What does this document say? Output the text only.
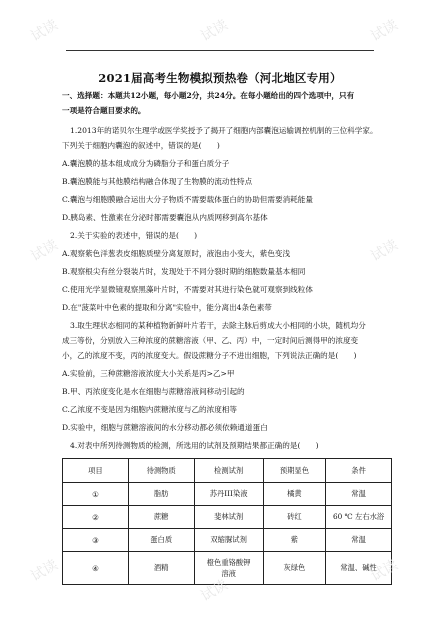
2021届高考生物模拟预热卷（河北地区专用）
一、选择题：本题共12小题，每小题2分，共24分。在每小题给出的四个选项中，只有
一项是符合题目要求的。
1.2013年的诺贝尔生理学或医学奖授予了揭开了细胞内部囊泡运输调控机制的三位科学家。
下列关于细胞内囊泡的叙述中，错误的是(　　)
A.囊泡膜的基本组成成分为磷脂分子和蛋白质分子
B.囊泡膜能与其他膜结构融合体现了生物膜的流动性特点
C.囊泡与细胞膜融合运出大分子物质不需要载体蛋白的协助但需要消耗能量
D.胰岛素、性激素在分泌时都需要囊泡从内质网移到高尔基体
2.关于实验的表述中，错误的是(　　)
A.观察紫色洋葱表皮细胞质壁分离复原时，液泡由小变大，紫色变浅
B.观察根尖有丝分裂装片时，发现处于不同分裂时期的细胞数量基本相同
C.使用光学显微镜观察黑藻叶片时，不需要对其进行染色就可观察到线粒体
D.在"菠菜叶中色素的提取和分离"实验中，能分离出4条色素带
3.取生理状态相同的某种植物新鲜叶片若干，去除主脉后剪成大小相同的小块，随机均分
成三等份，分别放入三种浓度的蔗糖溶液（甲、乙、丙）中，一定时间后测得甲的浓度变
小，乙的浓度不变，丙的浓度变大。假设蔗糖分子不进出细胞，下列说法正确的是(　　)
A.实验前，三种蔗糖溶液浓度大小关系是丙>乙>甲
B.甲、丙浓度变化是水在细胞与蔗糖溶液间移动引起的
C.乙浓度不变是因为细胞内蔗糖浓度与乙的浓度相等
D.实验中，细胞与蔗糖溶液间的水分移动都必须依赖通道蛋白
4.对表中所列待测物质的检测，所选用的试剂及预期结果都正确的是(　　)
项目	待测物质	检测试剂	预期显色	条件
①	脂肪	苏丹III染液	橘黄	常温
②	蔗糖	斐林试剂	砖红	60 ℃ 左右水浴
③	蛋白质	双缩脲试剂	紫	常温
④	酒精	橙色重铬酸钾溶液	灰绿色	常温、碱性
试读	试读	试读
试读	试读
试读
试读
试读
